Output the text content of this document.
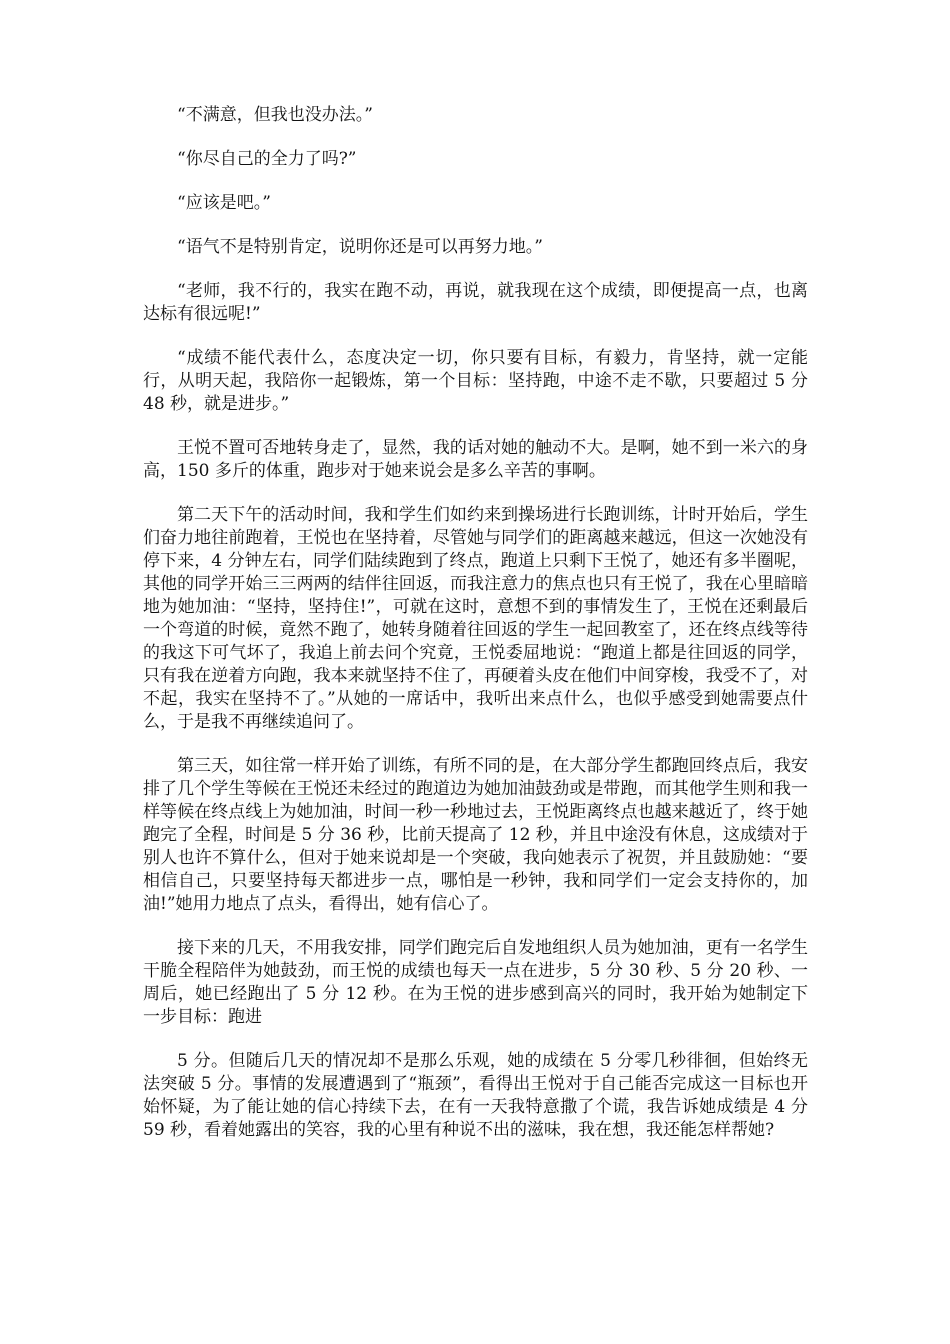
“不满意，但我也没办法。”

“你尽自己的全力了吗?”

“应该是吧。”

“语气不是特别肯定，说明你还是可以再努力地。”

“老师，我不行的，我实在跑不动，再说，就我现在这个成绩，即便提高一点，也离达标有很远呢!”

“成绩不能代表什么，态度决定一切，你只要有目标，有毅力，肯坚持，就一定能行，从明天起，我陪你一起锻炼，第一个目标：坚持跑，中途不走不歇，只要超过 5 分 48 秒，就是进步。”

王悦不置可否地转身走了，显然，我的话对她的触动不大。是啊，她不到一米六的身高，150 多斤的体重，跑步对于她来说会是多么辛苦的事啊。

第二天下午的活动时间，我和学生们如约来到操场进行长跑训练，计时开始后，学生们奋力地往前跑着，王悦也在坚持着，尽管她与同学们的距离越来越远，但这一次她没有停下来，4 分钟左右，同学们陆续跑到了终点，跑道上只剩下王悦了，她还有多半圈呢，其他的同学开始三三两两的结伴往回返，而我注意力的焦点也只有王悦了，我在心里暗暗地为她加油：“坚持，坚持住!”，可就在这时，意想不到的事情发生了，王悦在还剩最后一个弯道的时候，竟然不跑了，她转身随着往回返的学生一起回教室了，还在终点线等待的我这下可气坏了，我追上前去问个究竟，王悦委屈地说：“跑道上都是往回返的同学，只有我在逆着方向跑，我本来就坚持不住了，再硬着头皮在他们中间穿梭，我受不了，对不起，我实在坚持不了。”从她的一席话中，我听出来点什么，也似乎感受到她需要点什么，于是我不再继续追问了。

第三天，如往常一样开始了训练，有所不同的是，在大部分学生都跑回终点后，我安排了几个学生等候在王悦还未经过的跑道边为她加油鼓劲或是带跑，而其他学生则和我一样等候在终点线上为她加油，时间一秒一秒地过去，王悦距离终点也越来越近了，终于她跑完了全程，时间是 5 分 36 秒，比前天提高了 12 秒，并且中途没有休息，这成绩对于别人也许不算什么，但对于她来说却是一个突破，我向她表示了祝贺，并且鼓励她：“要相信自己，只要坚持每天都进步一点，哪怕是一秒钟，我和同学们一定会支持你的，加油!”她用力地点了点头，看得出，她有信心了。

接下来的几天，不用我安排，同学们跑完后自发地组织人员为她加油，更有一名学生干脆全程陪伴为她鼓劲，而王悦的成绩也每天一点在进步，5 分 30 秒、5 分 20 秒、一周后，她已经跑出了 5 分 12 秒。在为王悦的进步感到高兴的同时，我开始为她制定下一步目标：跑进

5 分。但随后几天的情况却不是那么乐观，她的成绩在 5 分零几秒徘徊，但始终无法突破 5 分。事情的发展遭遇到了“瓶颈”，看得出王悦对于自己能否完成这一目标也开始怀疑，为了能让她的信心持续下去，在有一天我特意撒了个谎，我告诉她成绩是 4 分 59 秒，看着她露出的笑容，我的心里有种说不出的滋味，我在想，我还能怎样帮她?
